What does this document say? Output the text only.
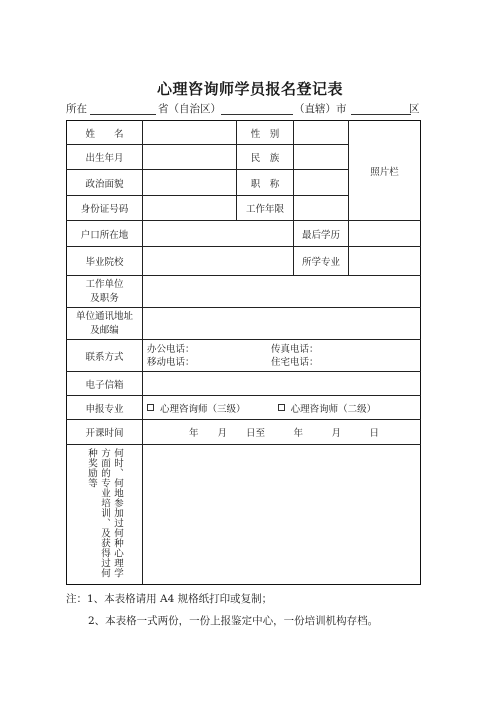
心理咨询师学员报名登记表
所在	省（自治区）	（直辖）市	区
姓　　名		性　别		照片栏
出生年月		民　族		
政治面貌		职　称		
身份证号码		工作年限		
户口所在地			最后学历	
毕业院校			所学专业	

工作单位
及职务				

单位通讯地址
及邮编				

联系方式	办公电话： 传真电话：
移动电话： 住宅电话：			

电子信箱				
申报专业	心理咨询师（三级） 心理咨询师（二级）			
开课时间	年　　月　　日至　　　年　　　月　　　日			

何时、何地参加过何种心理学方面的专业培训、及获得过何种奖励等				

注：1、本表格请用 A4 规格纸打印或复制；
2、本表格一式两份，一份上报鉴定中心，一份培训机构存档。
